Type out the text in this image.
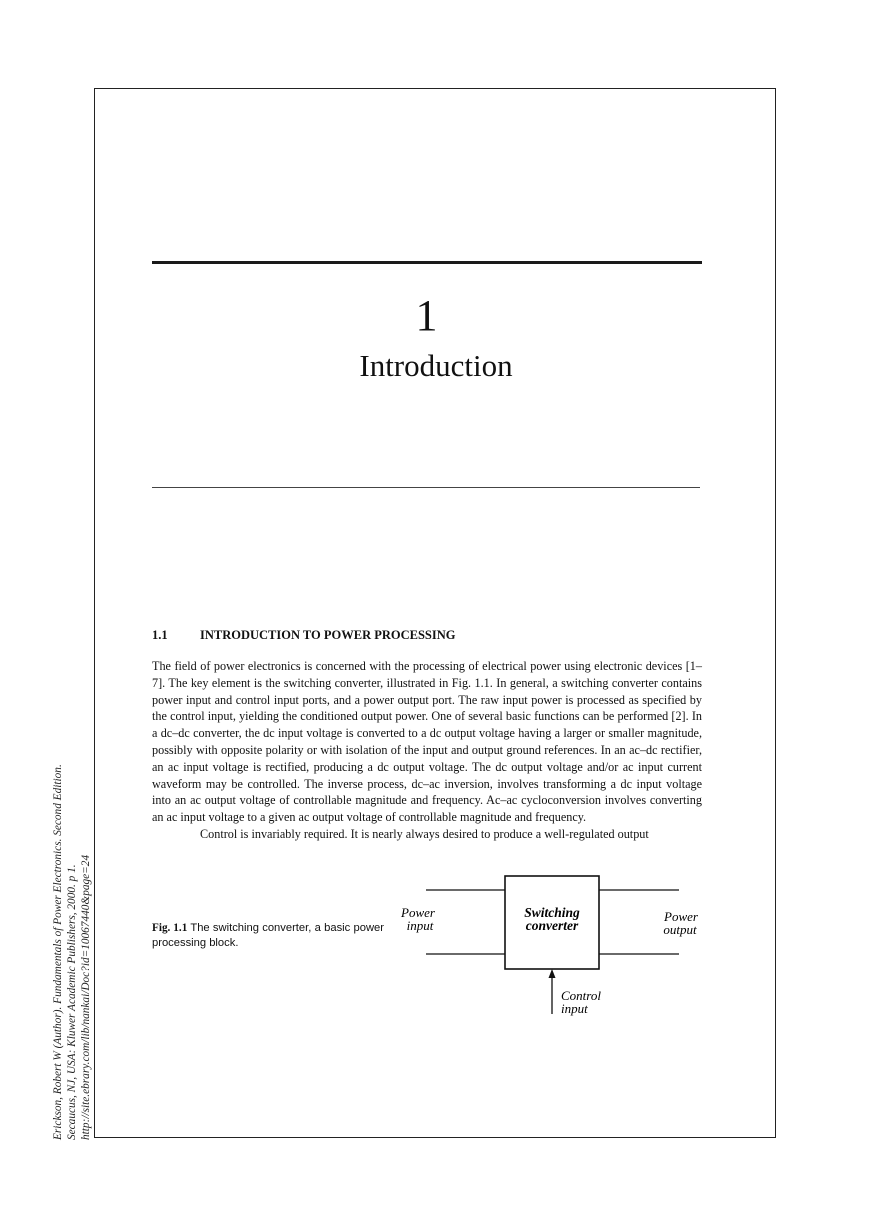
1
Introduction
1.1	INTRODUCTION TO POWER PROCESSING

The field of power electronics is concerned with the processing of electrical power using electronic devices [1–7]. The key element is the switching converter, illustrated in Fig. 1.1. In general, a switching converter contains power input and control input ports, and a power output port. The raw input power is processed as specified by the control input, yielding the conditioned output power. One of several basic functions can be performed [2]. In a dc–dc converter, the dc input voltage is converted to a dc output voltage having a larger or smaller magnitude, possibly with opposite polarity or with isolation of the input and output ground references. In an ac–dc rectifier, an ac input voltage is rectified, producing a dc output voltage. The dc output voltage and/or ac input current waveform may be controlled. The inverse process, dc–ac inversion, involves transforming a dc input voltage into an ac output voltage of controllable magnitude and frequency. Ac–ac cycloconversion involves converting an ac input voltage to a given ac output voltage of controllable magnitude and frequency.

Control is invariably required. It is nearly always desired to produce a well-regulated output

Fig. 1.1 The switching converter, a basic power processing block.
Switching
converter
Power
input
Power
output
Control
input
Erickson, Robert W (Author). Fundamentals of Power Electronics. Second Edition. Secaucus, NJ, USA: Kluwer Academic Publishers, 2000. p 1. http://site.ebrary.com/lib/nankai/Doc?id=10067440&page=24
